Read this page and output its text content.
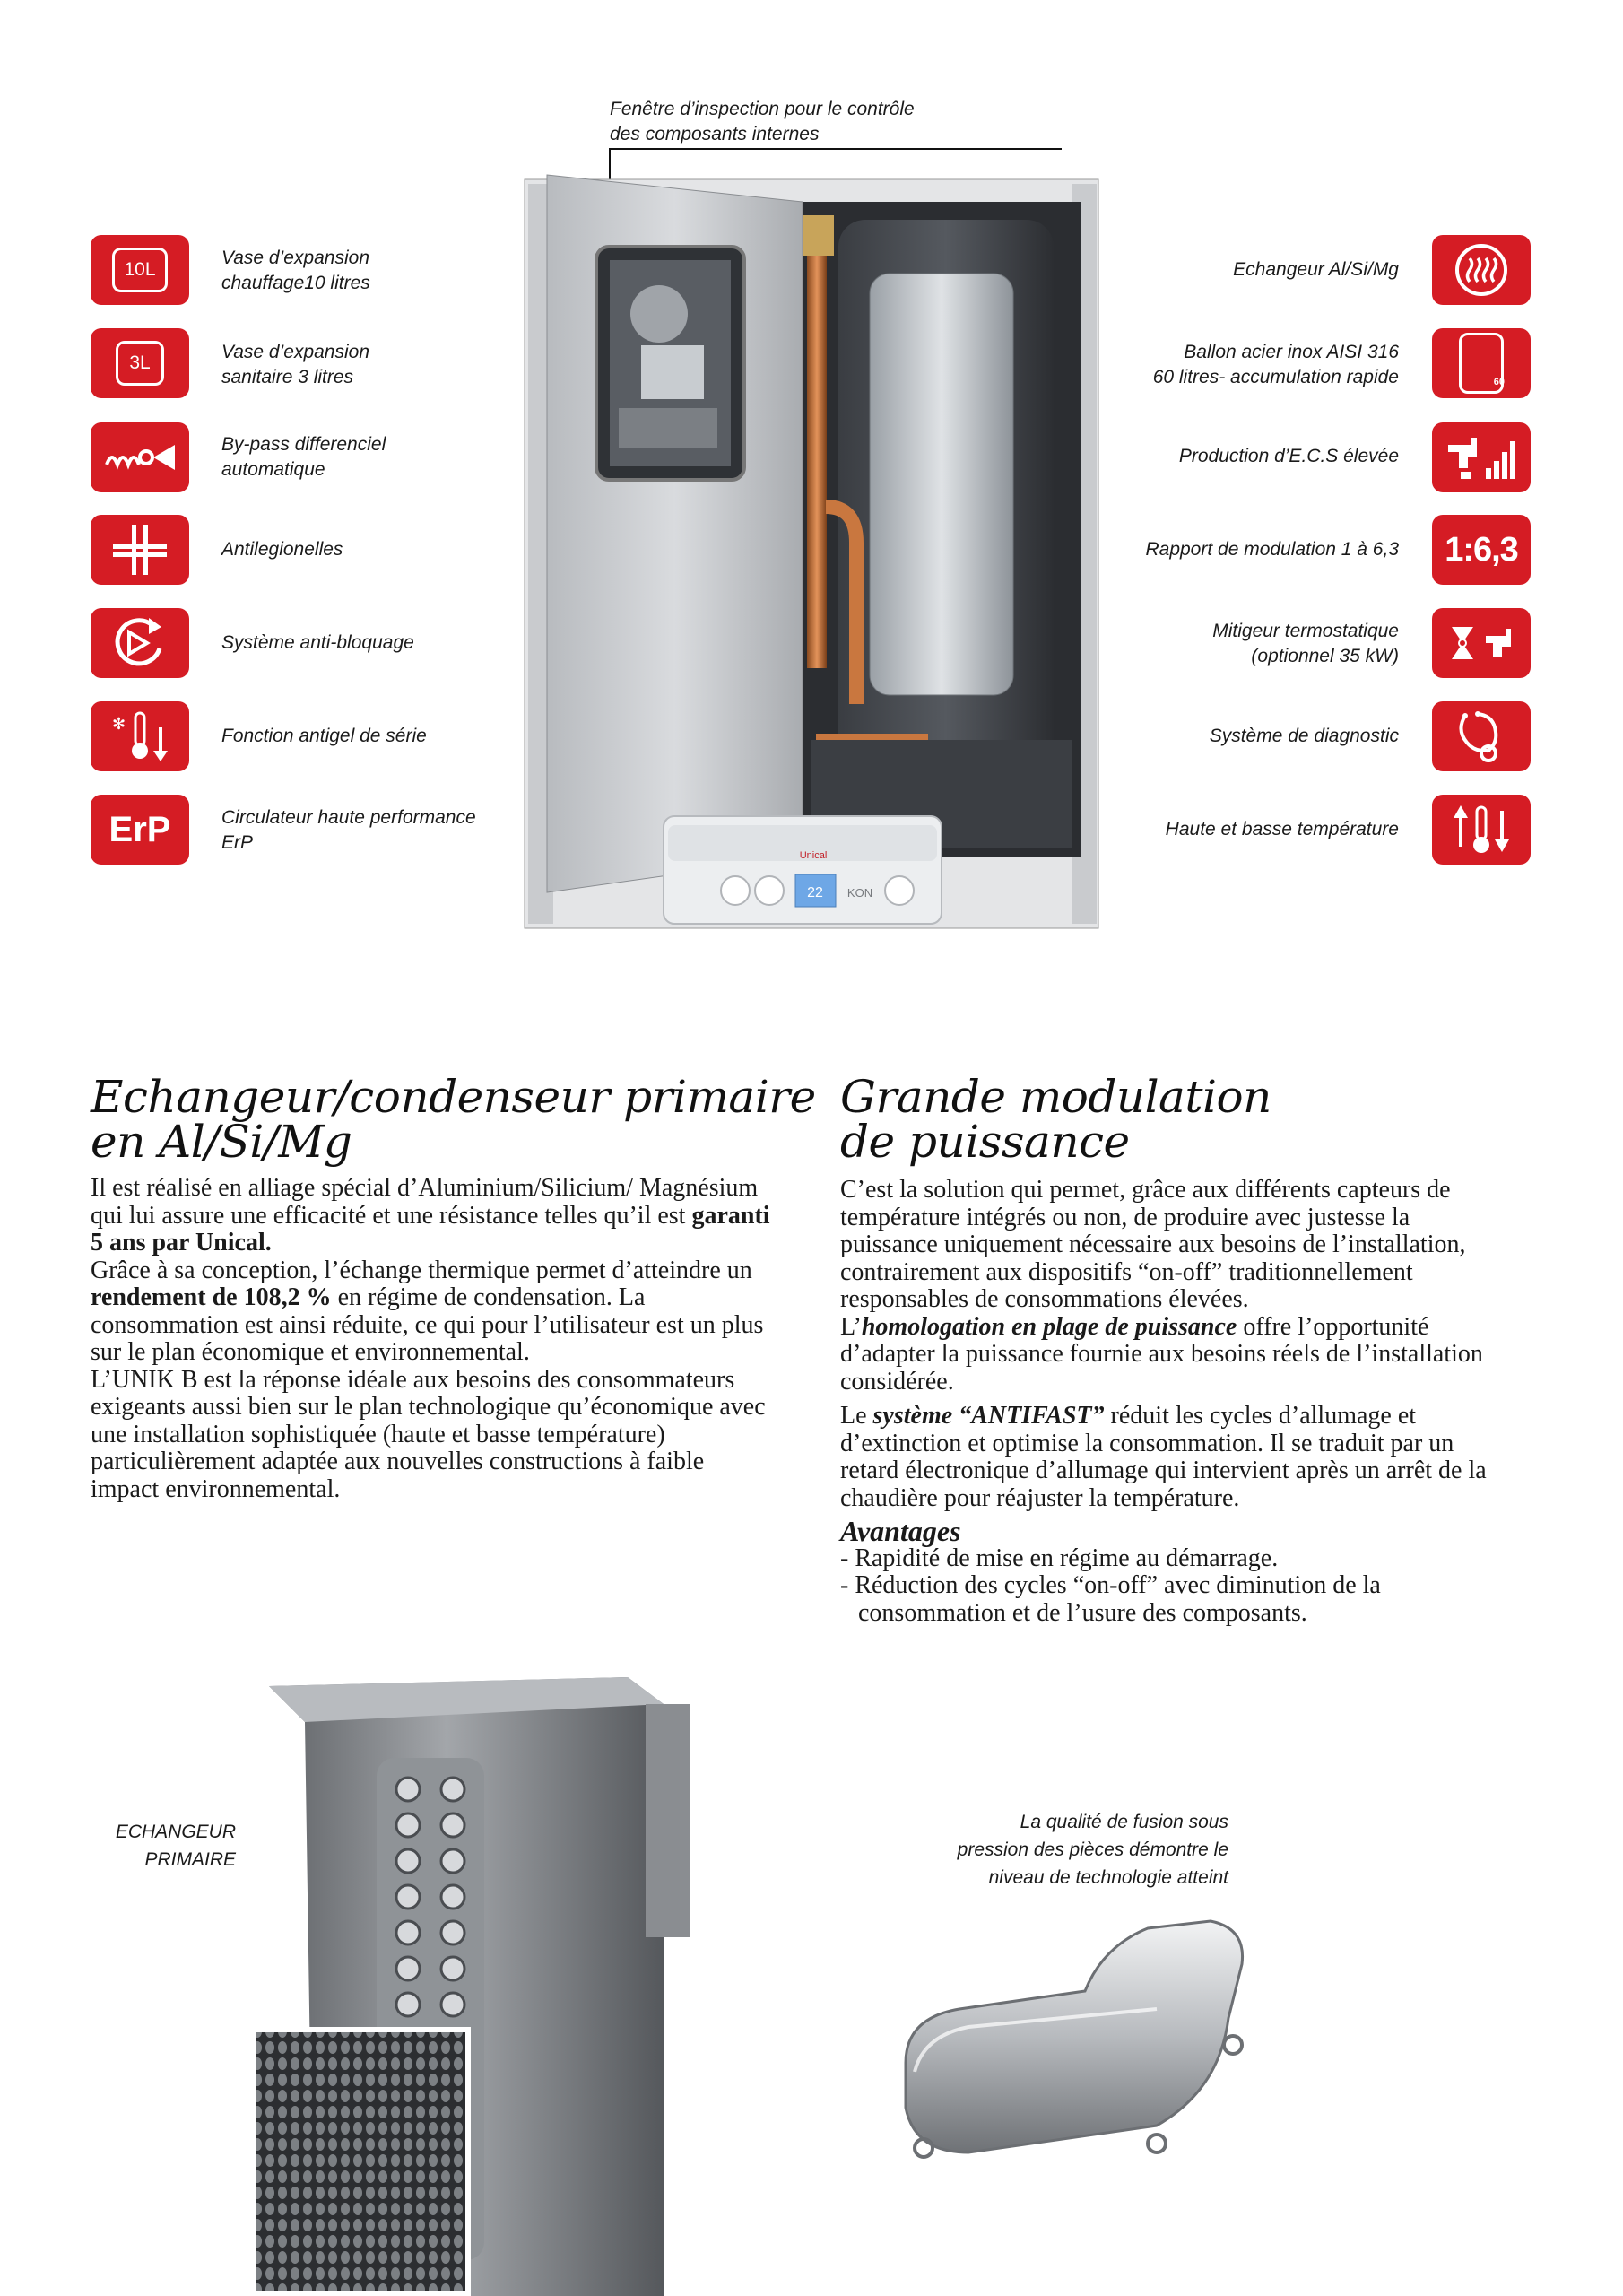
Fenêtre d’inspection pour le contrôle
des composants internes
Unical
22 KON
10L
Vase d’expansion
chauffage10 litres
3L
Vase d’expansion
sanitaire 3 litres
By-pass differenciel
automatique
Antilegionelles
Système anti-bloquage
✻
Fonction antigel de série
ErP	Circulateur haute performance
ErP
Echangeur Al/Si/Mg
Ballon acier inox AISI 316
60 litres- accumulation rapide	60
Production d’E.C.S élevée
Rapport de modulation 1 à 6,3 1:6,3
Mitigeur termostatique
(optionnel 35 kW)
Système de diagnostic
Haute et basse température
Echangeur/condenseur primaire
en Al/Si/Mg

Il est réalisé en alliage spécial d’Aluminium/Silicium/ Magnésium qui lui assure une efficacité et une résistance telles qu’il est garanti 5 ans par Unical.

Grâce à sa conception, l’échange thermique permet d’atteindre un rendement de 108,2 % en régime de condensation. La consommation est ainsi réduite, ce qui pour l’utilisateur est un plus sur le plan économique et environnemental.

L’UNIK B est la réponse idéale aux besoins des consommateurs exigeants aussi bien sur le plan technologique qu’économique avec une installation sophistiquée (haute et basse température) particulièrement adaptée aux nouvelles constructions à faible impact environnemental.

Grande modulation
de puissance

C’est la solution qui permet, grâce aux différents capteurs de température intégrés ou non, de produire avec justesse la puissance uniquement nécessaire aux besoins de l’installation, contrairement aux dispositifs “on-off” traditionnellement responsables de consommations élevées.

L’homologation en plage de puissance offre l’opportunité d’adapter la puissance fournie aux besoins réels de l’installation considérée.

Le système “ANTIFAST” réduit les cycles d’allumage et d’extinction et optimise la consommation. Il se traduit par un retard électronique d’allumage qui intervient après un arrêt de la chaudière pour réajuster la température.

Avantages

- Rapidité de mise en régime au démarrage.

- Réduction des cycles “on-off” avec diminution de la

consommation et de l’usure des composants.

ECHANGEUR
PRIMAIRE
La qualité de fusion sous
pression des pièces démontre le
niveau de technologie atteint
